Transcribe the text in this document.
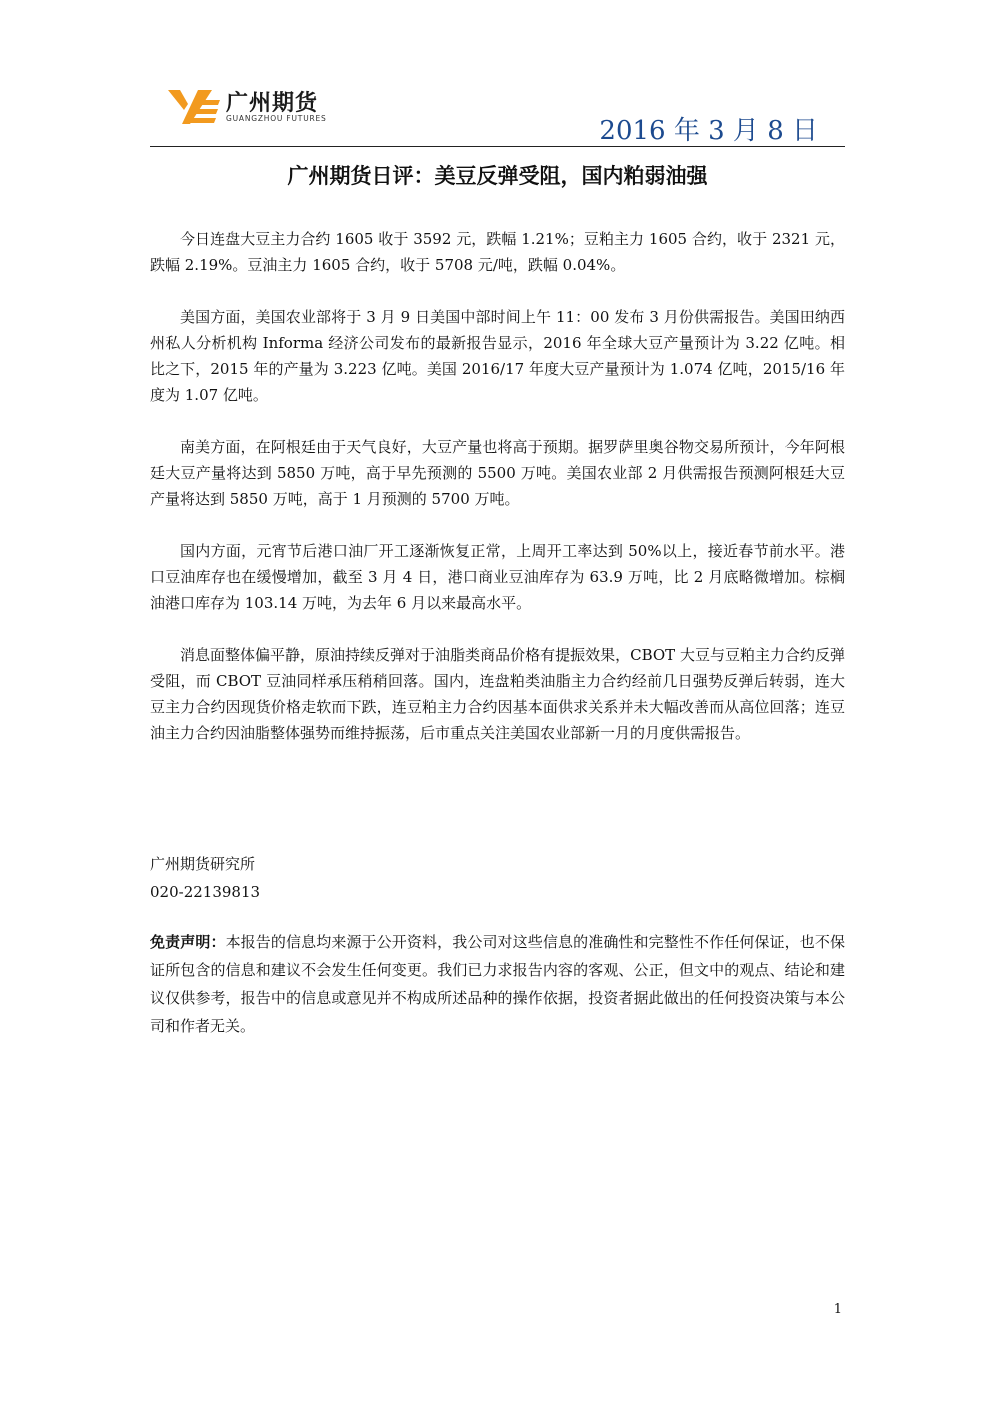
广州期货
GUANGZHOU FUTURES	2016 年 3 月 8 日
广州期货日评：美豆反弹受阻，国内粕弱油强

今日连盘大豆主力合约 1605 收于 3592 元，跌幅 1.21%；豆粕主力 1605 合约，收于 2321 元，跌幅 2.19%。豆油主力 1605 合约，收于 5708 元/吨，跌幅 0.04%。

美国方面，美国农业部将于 3 月 9 日美国中部时间上午 11：00 发布 3 月份供需报告。美国田纳西州私人分析机构 Informa 经济公司发布的最新报告显示，2016 年全球大豆产量预计为 3.22 亿吨。相比之下，2015 年的产量为 3.223 亿吨。美国 2016/17 年度大豆产量预计为 1.074 亿吨，2015/16 年度为 1.07 亿吨。

南美方面，在阿根廷由于天气良好，大豆产量也将高于预期。据罗萨里奥谷物交易所预计，今年阿根廷大豆产量将达到 5850 万吨，高于早先预测的 5500 万吨。美国农业部 2 月供需报告预测阿根廷大豆产量将达到 5850 万吨，高于 1 月预测的 5700 万吨。

国内方面，元宵节后港口油厂开工逐渐恢复正常，上周开工率达到 50%以上，接近春节前水平。港口豆油库存也在缓慢增加，截至 3 月 4 日，港口商业豆油库存为 63.9 万吨，比 2 月底略微增加。棕榈油港口库存为 103.14 万吨，为去年 6 月以来最高水平。

消息面整体偏平静，原油持续反弹对于油脂类商品价格有提振效果，CBOT 大豆与豆粕主力合约反弹受阻，而 CBOT 豆油同样承压稍稍回落。国内，连盘粕类油脂主力合约经前几日强势反弹后转弱，连大豆主力合约因现货价格走软而下跌，连豆粕主力合约因基本面供求关系并未大幅改善而从高位回落；连豆油主力合约因油脂整体强势而维持振荡，后市重点关注美国农业部新一月的月度供需报告。

广州期货研究所
020-22139813
免责声明：本报告的信息均来源于公开资料，我公司对这些信息的准确性和完整性不作任何保证，也不保证所包含的信息和建议不会发生任何变更。我们已力求报告内容的客观、公正，但文中的观点、结论和建议仅供参考，报告中的信息或意见并不构成所述品种的操作依据，投资者据此做出的任何投资决策与本公司和作者无关。
1
